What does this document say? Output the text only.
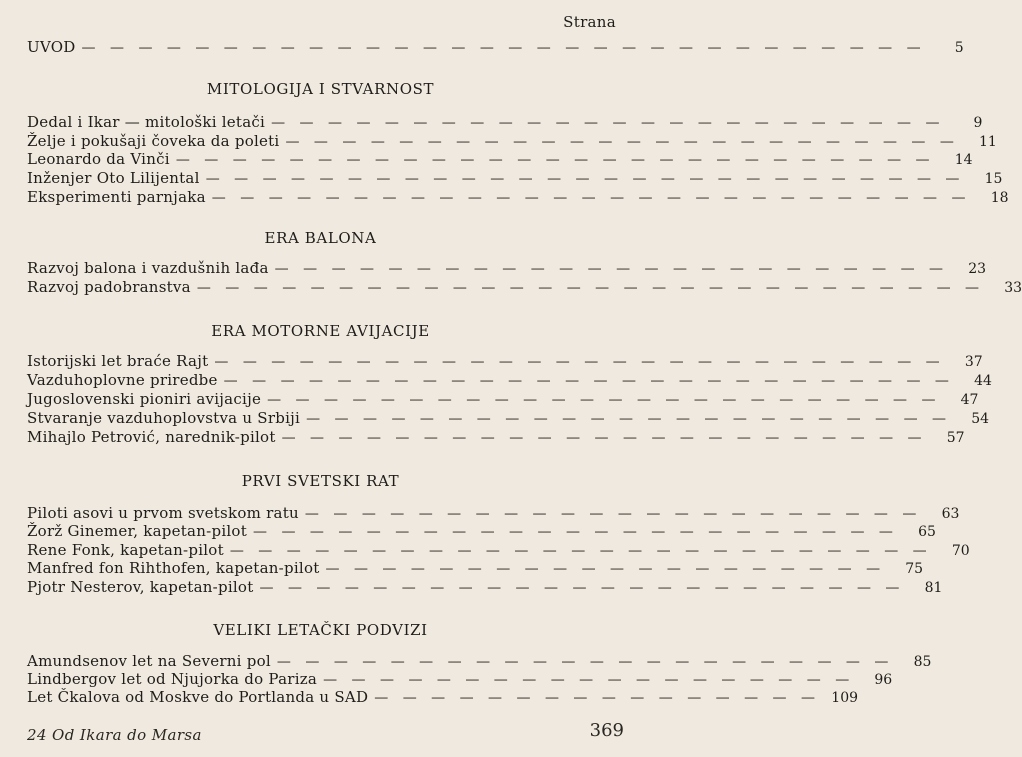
Strana
UVOD — — — — — — — — — — — — — — — — — — — — — — — — — — — — — —	5
MITOLOGIJA I STVARNOST
Dedal i Ikar — mitološki letači — — — — — — — — — — — — — — — — — — — — — — — —	9
Želje i pokušaji čoveka da poleti — — — — — — — — — — — — — — — — — — — — — — — —	11
Leonardo da Vinči — — — — — — — — — — — — — — — — — — — — — — — — — — —	14
Inženjer Oto Lilijental — — — — — — — — — — — — — — — — — — — — — — — — — — —	15
Eksperimenti parnjaka — — — — — — — — — — — — — — — — — — — — — — — — — — —	18
ERA BALONA
Razvoj balona i vazdušnih lađa — — — — — — — — — — — — — — — — — — — — — — — —	23
Razvoj padobranstva — — — — — — — — — — — — — — — — — — — — — — — — — — — —	33
ERA MOTORNE AVIJACIJE
Istorijski let braće Rajt — — — — — — — — — — — — — — — — — — — — — — — — — —	37
Vazduhoplovne priredbe — — — — — — — — — — — — — — — — — — — — — — — — — —	44
Jugoslovenski pioniri avijacije — — — — — — — — — — — — — — — — — — — — — — — —	47
Stvaranje vazduhoplovstva u Srbiji — — — — — — — — — — — — — — — — — — — — — — —	54
Mihajlo Petrović, narednik-pilot — — — — — — — — — — — — — — — — — — — — — — —	57
PRVI SVETSKI RAT
Piloti asovi u prvom svetskom ratu — — — — — — — — — — — — — — — — — — — — — —	63
Žorž Ginemer, kapetan-pilot — — — — — — — — — — — — — — — — — — — — — — —	65
Rene Fonk, kapetan-pilot — — — — — — — — — — — — — — — — — — — — — — — — —	70
Manfred fon Rihthofen, kapetan-pilot — — — — — — — — — — — — — — — — — — — —	75
Pjotr Nesterov, kapetan-pilot — — — — — — — — — — — — — — — — — — — — — — —	81
VELIKI LETAČKI PODVIZI
Amundsenov let na Severni pol — — — — — — — — — — — — — — — — — — — — — —	85
Lindbergov let od Njujorka do Pariza — — — — — — — — — — — — — — — — — — —	96
Let Čkalova od Moskve do Portlanda u SAD — — — — — — — — — — — — — — — — 109
24 Od Ikara do Marsa	369
